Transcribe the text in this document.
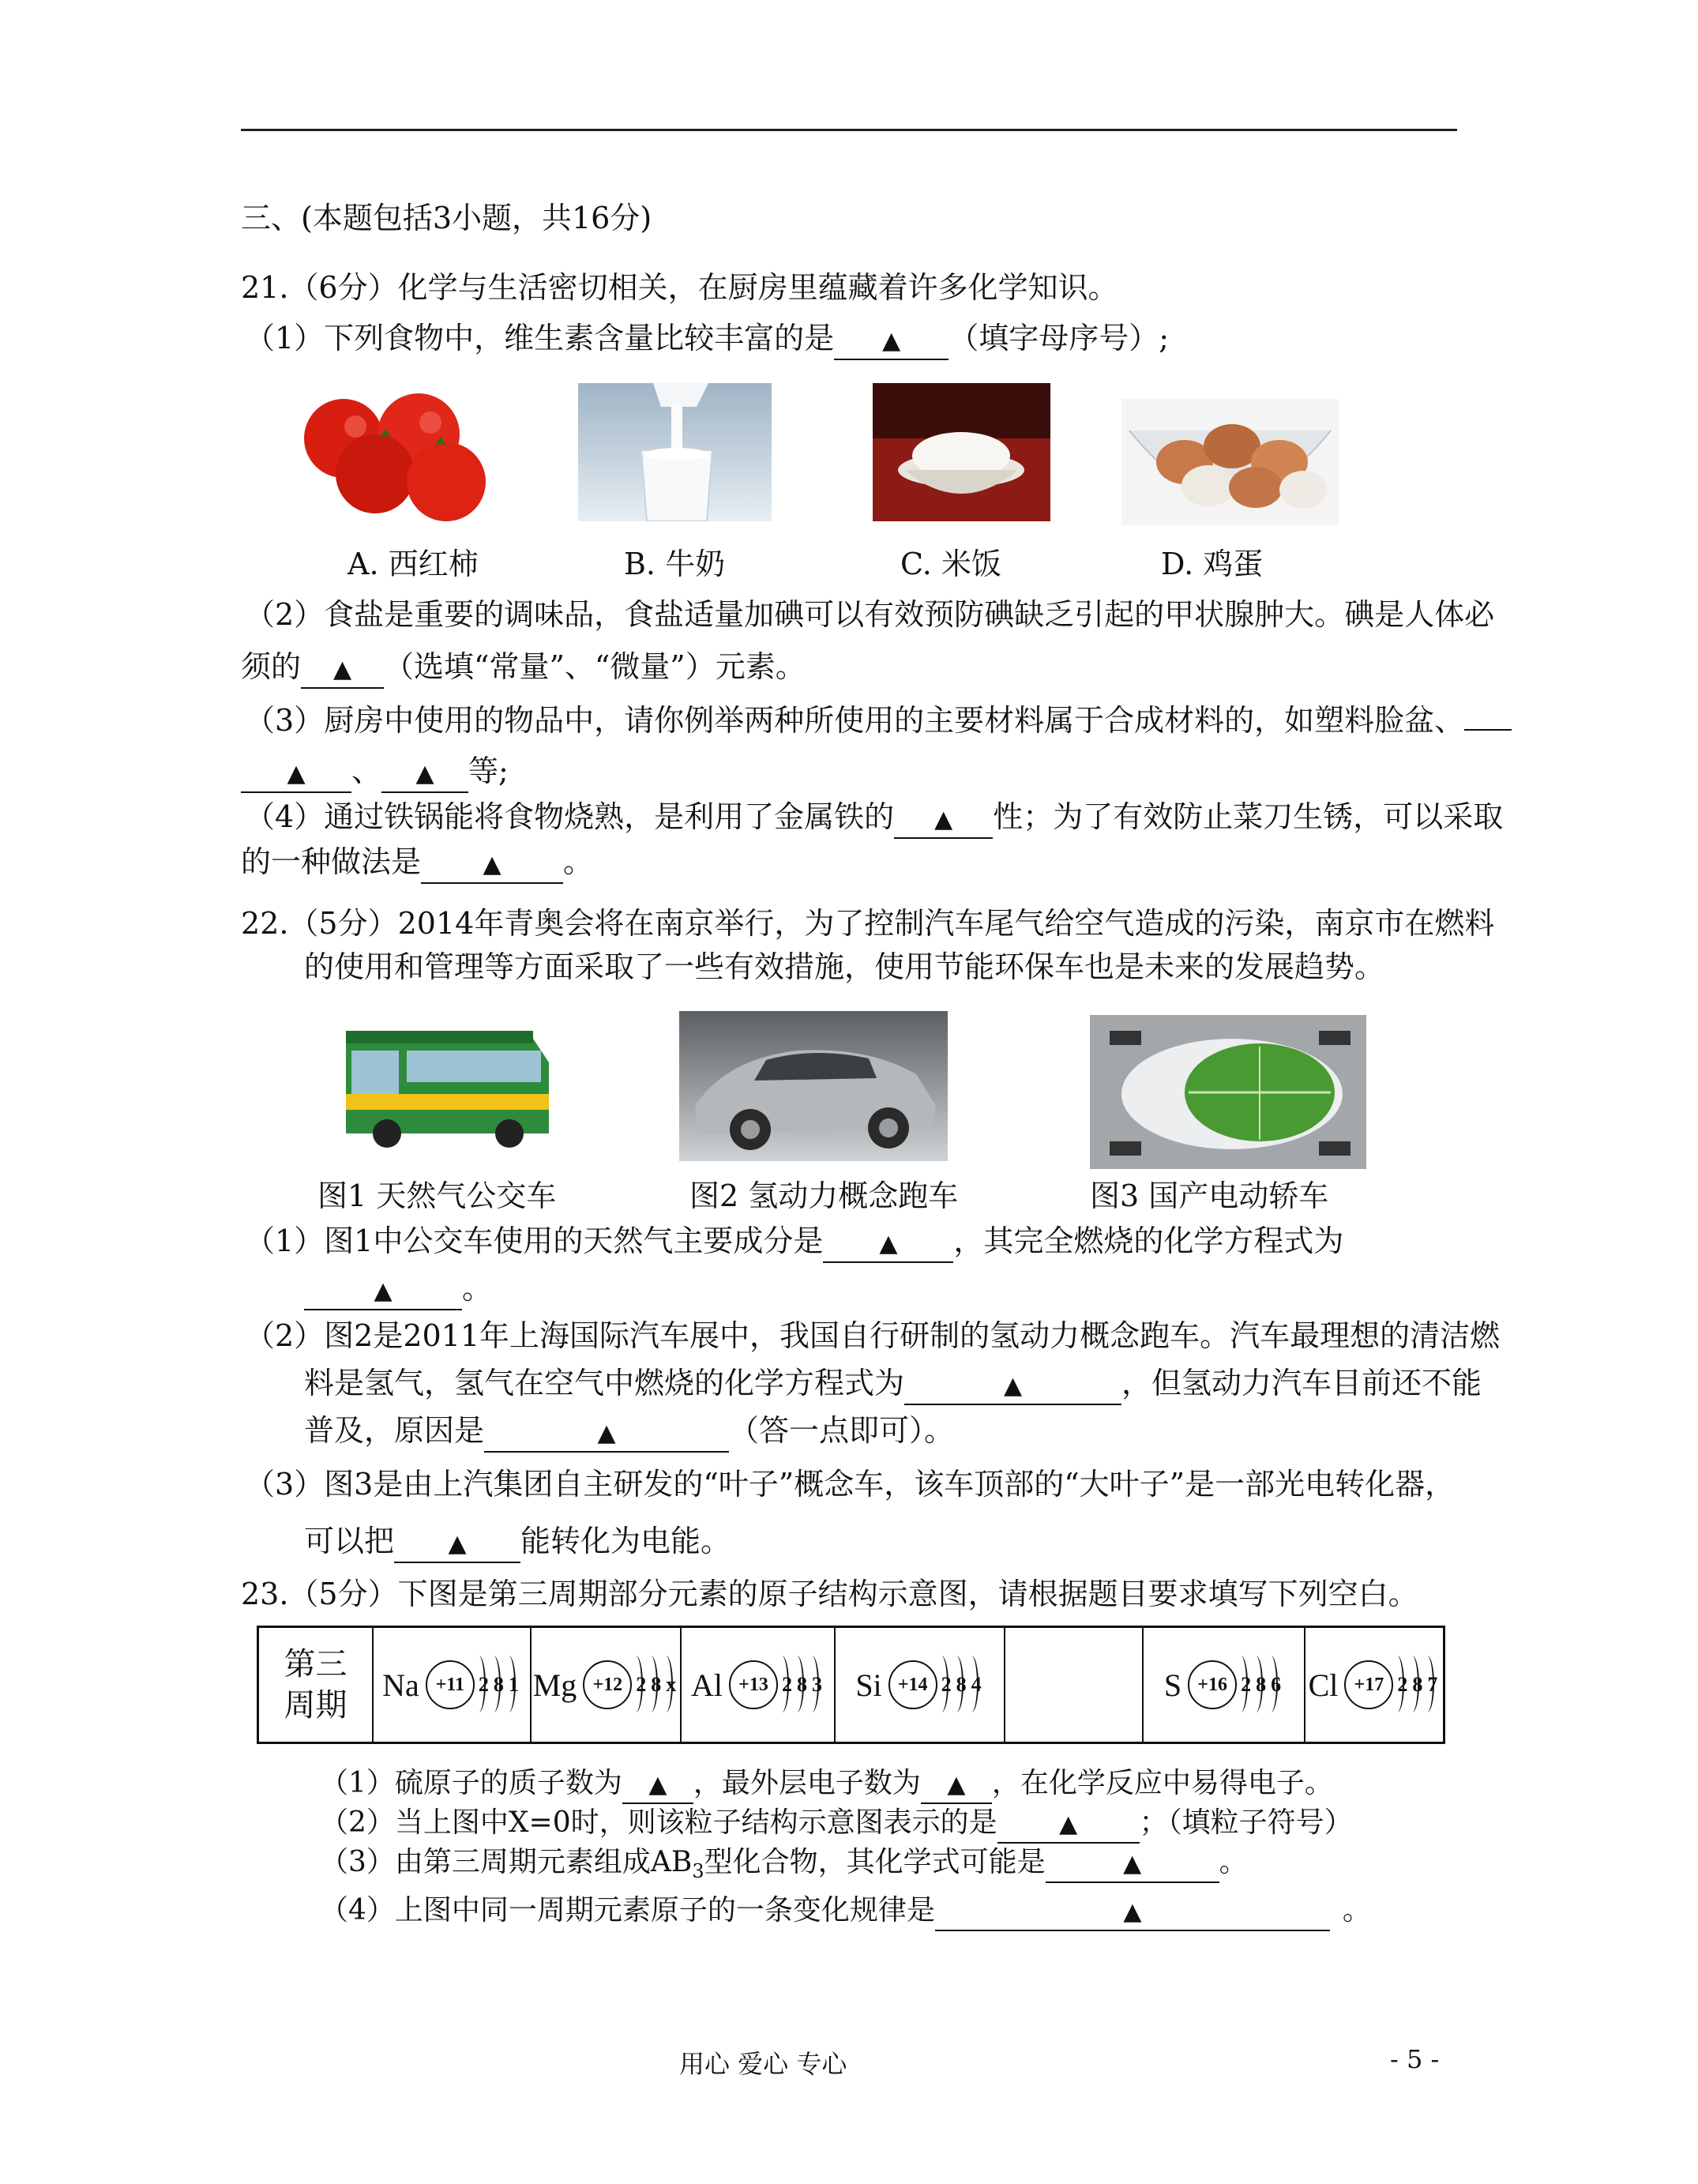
三、(本题包括3小题，共16分)
21.（6分）化学与生活密切相关，在厨房里蕴藏着许多化学知识。
（1）下列食物中，维生素含量比较丰富的是 ▲ （填字母序号）;
A. 西红柿	B. 牛奶	C. 米饭	D. 鸡蛋
（2）食盐是重要的调味品，食盐适量加碘可以有效预防碘缺乏引起的甲状腺肿大。碘是人体必
须的 ▲ （选填“常量”、“微量”）元素。
（3）厨房中使用的物品中，请你例举两种所使用的主要材料属于合成材料的，如塑料脸盆、
▲ 、 ▲ 等;
（4）通过铁锅能将食物烧熟，是利用了金属铁的 ▲ 性；为了有效防止菜刀生锈，可以采取
的一种做法是	▲ 。
22.（5分）2014年青奥会将在南京举行，为了控制汽车尾气给空气造成的污染，南京市在燃料
的使用和管理等方面采取了一些有效措施，使用节能环保车也是未来的发展趋势。
图1 天然气公交车	图2 氢动力概念跑车	图3 国产电动轿车
（1）图1中公交车使用的天然气主要成分是 ▲ ，其完全燃烧的化学方程式为
▲ 。
（2）图2是2011年上海国际汽车展中，我国自行研制的氢动力概念跑车。汽车最理想的清洁燃
料是氢气，氢气在空气中燃烧的化学方程式为	▲	，但氢动力汽车目前还不能
普及，原因是	▲	（答一点即可）。
（3）图3是由上汽集团自主研发的“叶子”概念车，该车顶部的“大叶子”是一部光电转化器，
可以把 ▲ 能转化为电能。
23.（5分）下图是第三周期部分元素的原子结构示意图，请根据题目要求填写下列空白。
第三
周期
Na +11 2 8 1 Mg +12 2 8 x Al +13 2 8 3 Si +14 2 8 4	S +16 2 8 6 Cl +17 2 8 7
（1）硫原子的质子数为 ▲ ，最外层电子数为 ▲ ，在化学反应中易得电子。
（2）当上图中X=0时，则该粒子结构示意图表示的是	▲ ；（填粒子符号）
（3）由第三周期元素组成$AB_3$型化合物，其化学式可能是	▲	。
（4）上图中同一周期元素原子的一条变化规律是	▲	。
用心 爱心 专心	- 5 -
